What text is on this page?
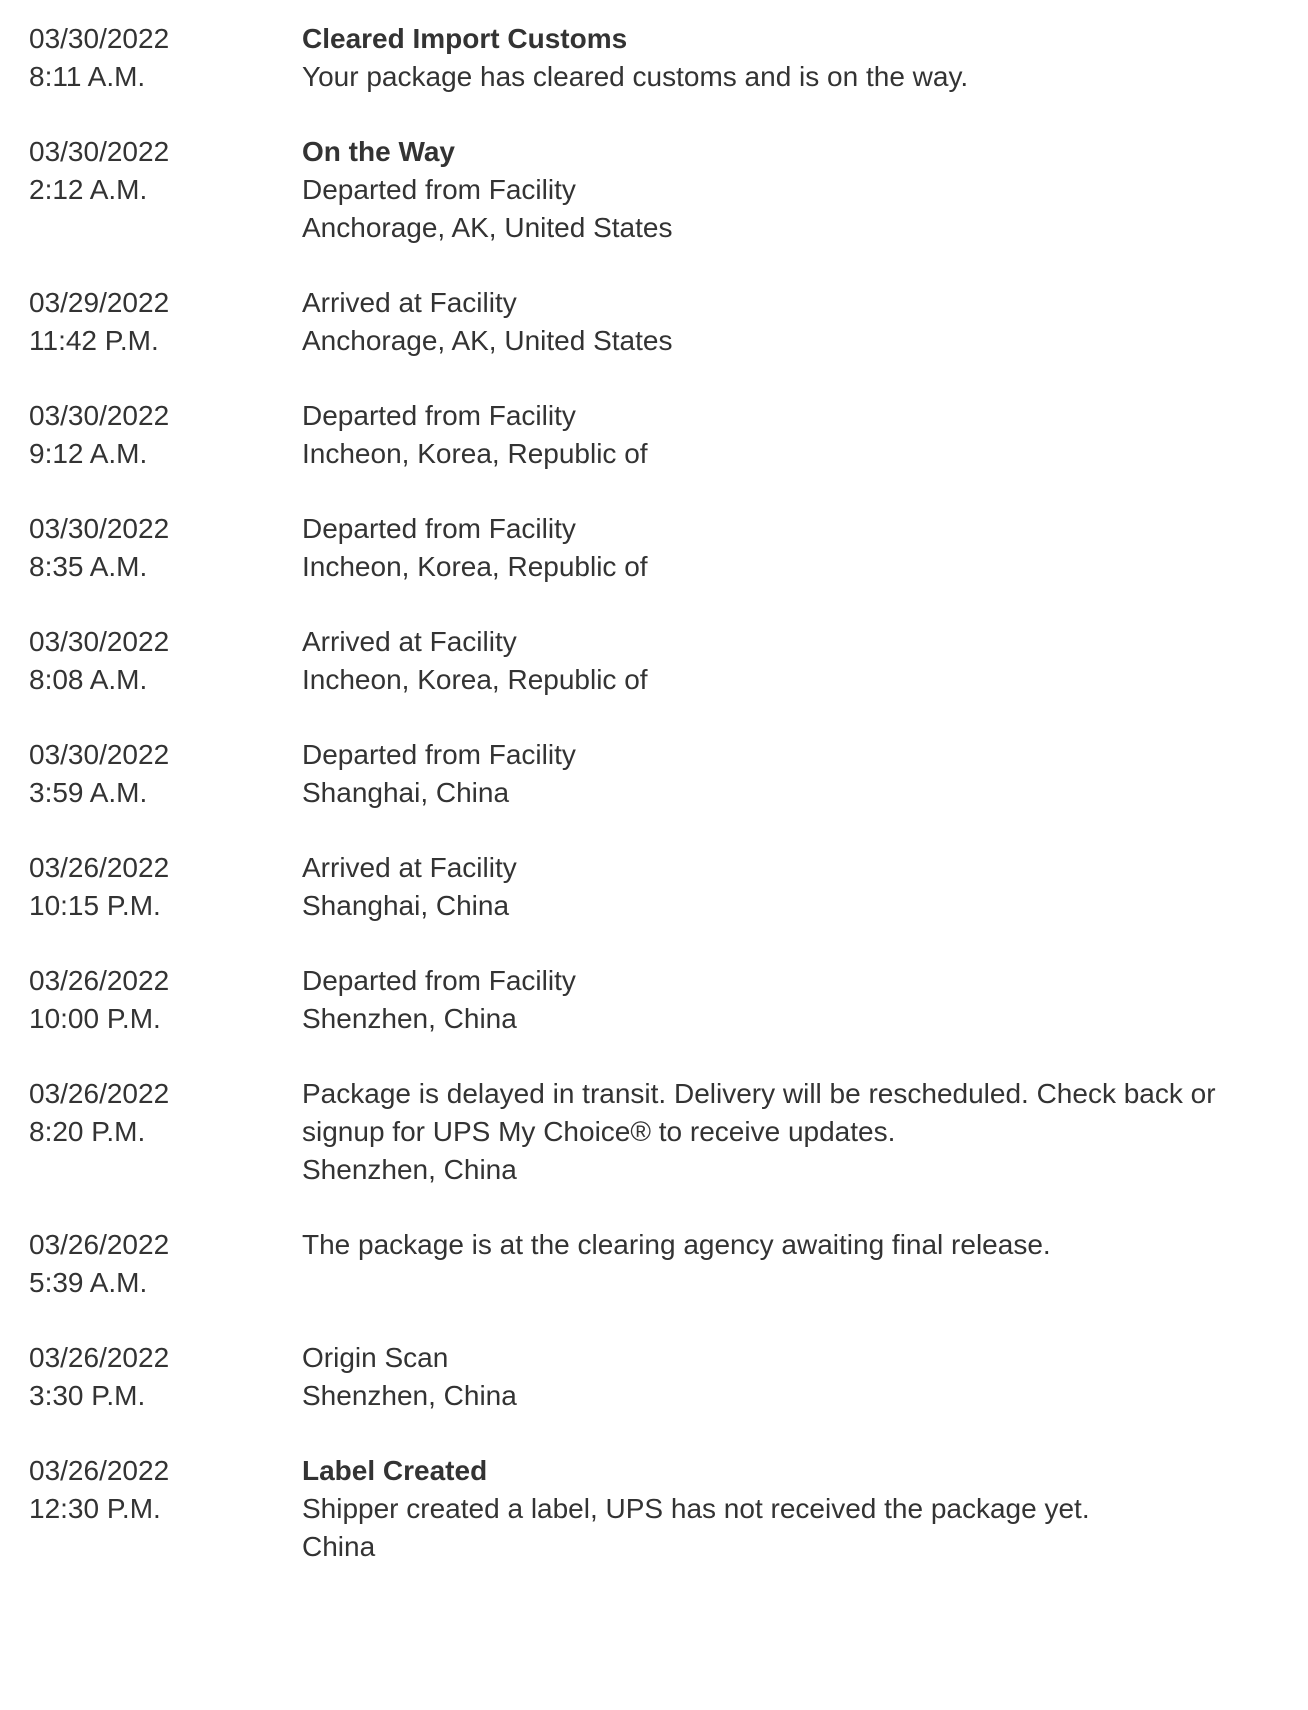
03/30/2022
8:11 A.M.
Cleared Import Customs
Your package has cleared customs and is on the way.
03/30/2022
2:12 A.M.
On the Way
Departed from Facility
Anchorage, AK, United States
03/29/2022
11:42 P.M.
Arrived at Facility
Anchorage, AK, United States
03/30/2022
9:12 A.M.
Departed from Facility
Incheon, Korea, Republic of
03/30/2022
8:35 A.M.
Departed from Facility
Incheon, Korea, Republic of
03/30/2022
8:08 A.M.
Arrived at Facility
Incheon, Korea, Republic of
03/30/2022
3:59 A.M.
Departed from Facility
Shanghai, China
03/26/2022
10:15 P.M.
Arrived at Facility
Shanghai, China
03/26/2022
10:00 P.M.
Departed from Facility
Shenzhen, China
03/26/2022
8:20 P.M.
Package is delayed in transit. Delivery will be rescheduled. Check back or signup for UPS My Choice® to receive updates.
Shenzhen, China
03/26/2022
5:39 A.M.
The package is at the clearing agency awaiting final release.
03/26/2022
3:30 P.M.
Origin Scan
Shenzhen, China
03/26/2022
12:30 P.M.
Label Created
Shipper created a label, UPS has not received the package yet.
China
